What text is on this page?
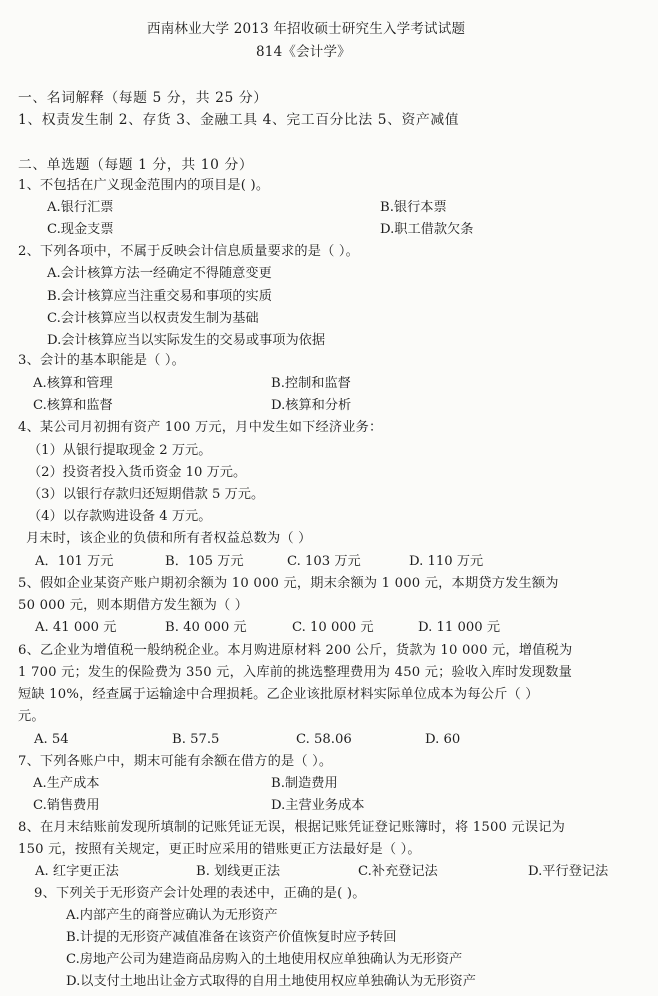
西南林业大学 2013 年招收硕士研究生入学考试试题
814《会计学》
一、名词解释（每题 5 分，共 25 分）
1、权责发生制 2、存货 3、金融工具 4、完工百分比法 5、资产减值
二、单选题（每题 1 分，共 10 分）
1、不包括在广义现金范围内的项目是( )。
A.银行汇票	B.银行本票
C.现金支票	D.职工借款欠条
2、下列各项中，不属于反映会计信息质量要求的是（ ）。
A.会计核算方法一经确定不得随意变更
B.会计核算应当注重交易和事项的实质
C.会计核算应当以权责发生制为基础
D.会计核算应当以实际发生的交易或事项为依据
3、会计的基本职能是（ ）。
A.核算和管理	B.控制和监督
C.核算和监督	D.核算和分析
4、某公司月初拥有资产 100 万元，月中发生如下经济业务：
（1）从银行提取现金 2 万元。
（2）投资者投入货币资金 10 万元。
（3）以银行存款归还短期借款 5 万元。
（4）以存款购进设备 4 万元。
月末时，该企业的负债和所有者权益总数为（ ）
A．101 万元	B．105 万元	C. 103 万元	D. 110 万元
5、假如企业某资产账户期初余额为 10 000 元，期末余额为 1 000 元，本期贷方发生额为
50 000 元，则本期借方发生额为（ ）
A. 41 000 元	B. 40 000 元	C. 10 000 元	D. 11 000 元
6、乙企业为增值税一般纳税企业。本月购进原材料 200 公斤，货款为 10 000 元，增值税为
1 700 元；发生的保险费为 350 元，入库前的挑选整理费用为 450 元；验收入库时发现数量
短缺 10%，经查属于运输途中合理损耗。乙企业该批原材料实际单位成本为每公斤（ ）
元。
A. 54	B. 57.5	C. 58.06	D. 60
7、下列各账户中，期末可能有余额在借方的是（ ）。
A.生产成本	B.制造费用
C.销售费用	D.主营业务成本
8、在月末结账前发现所填制的记账凭证无误，根据记账凭证登记账簿时，将 1500 元误记为
150 元，按照有关规定，更正时应采用的错账更正方法最好是（ ）。
A. 红字更正法	B. 划线更正法	C.补充登记法	D.平行登记法
9、下列关于无形资产会计处理的表述中，正确的是( )。
A.内部产生的商誉应确认为无形资产
B.计提的无形资产减值准备在该资产价值恢复时应予转回
C.房地产公司为建造商品房购入的土地使用权应单独确认为无形资产
D.以支付土地出让金方式取得的自用土地使用权应单独确认为无形资产
